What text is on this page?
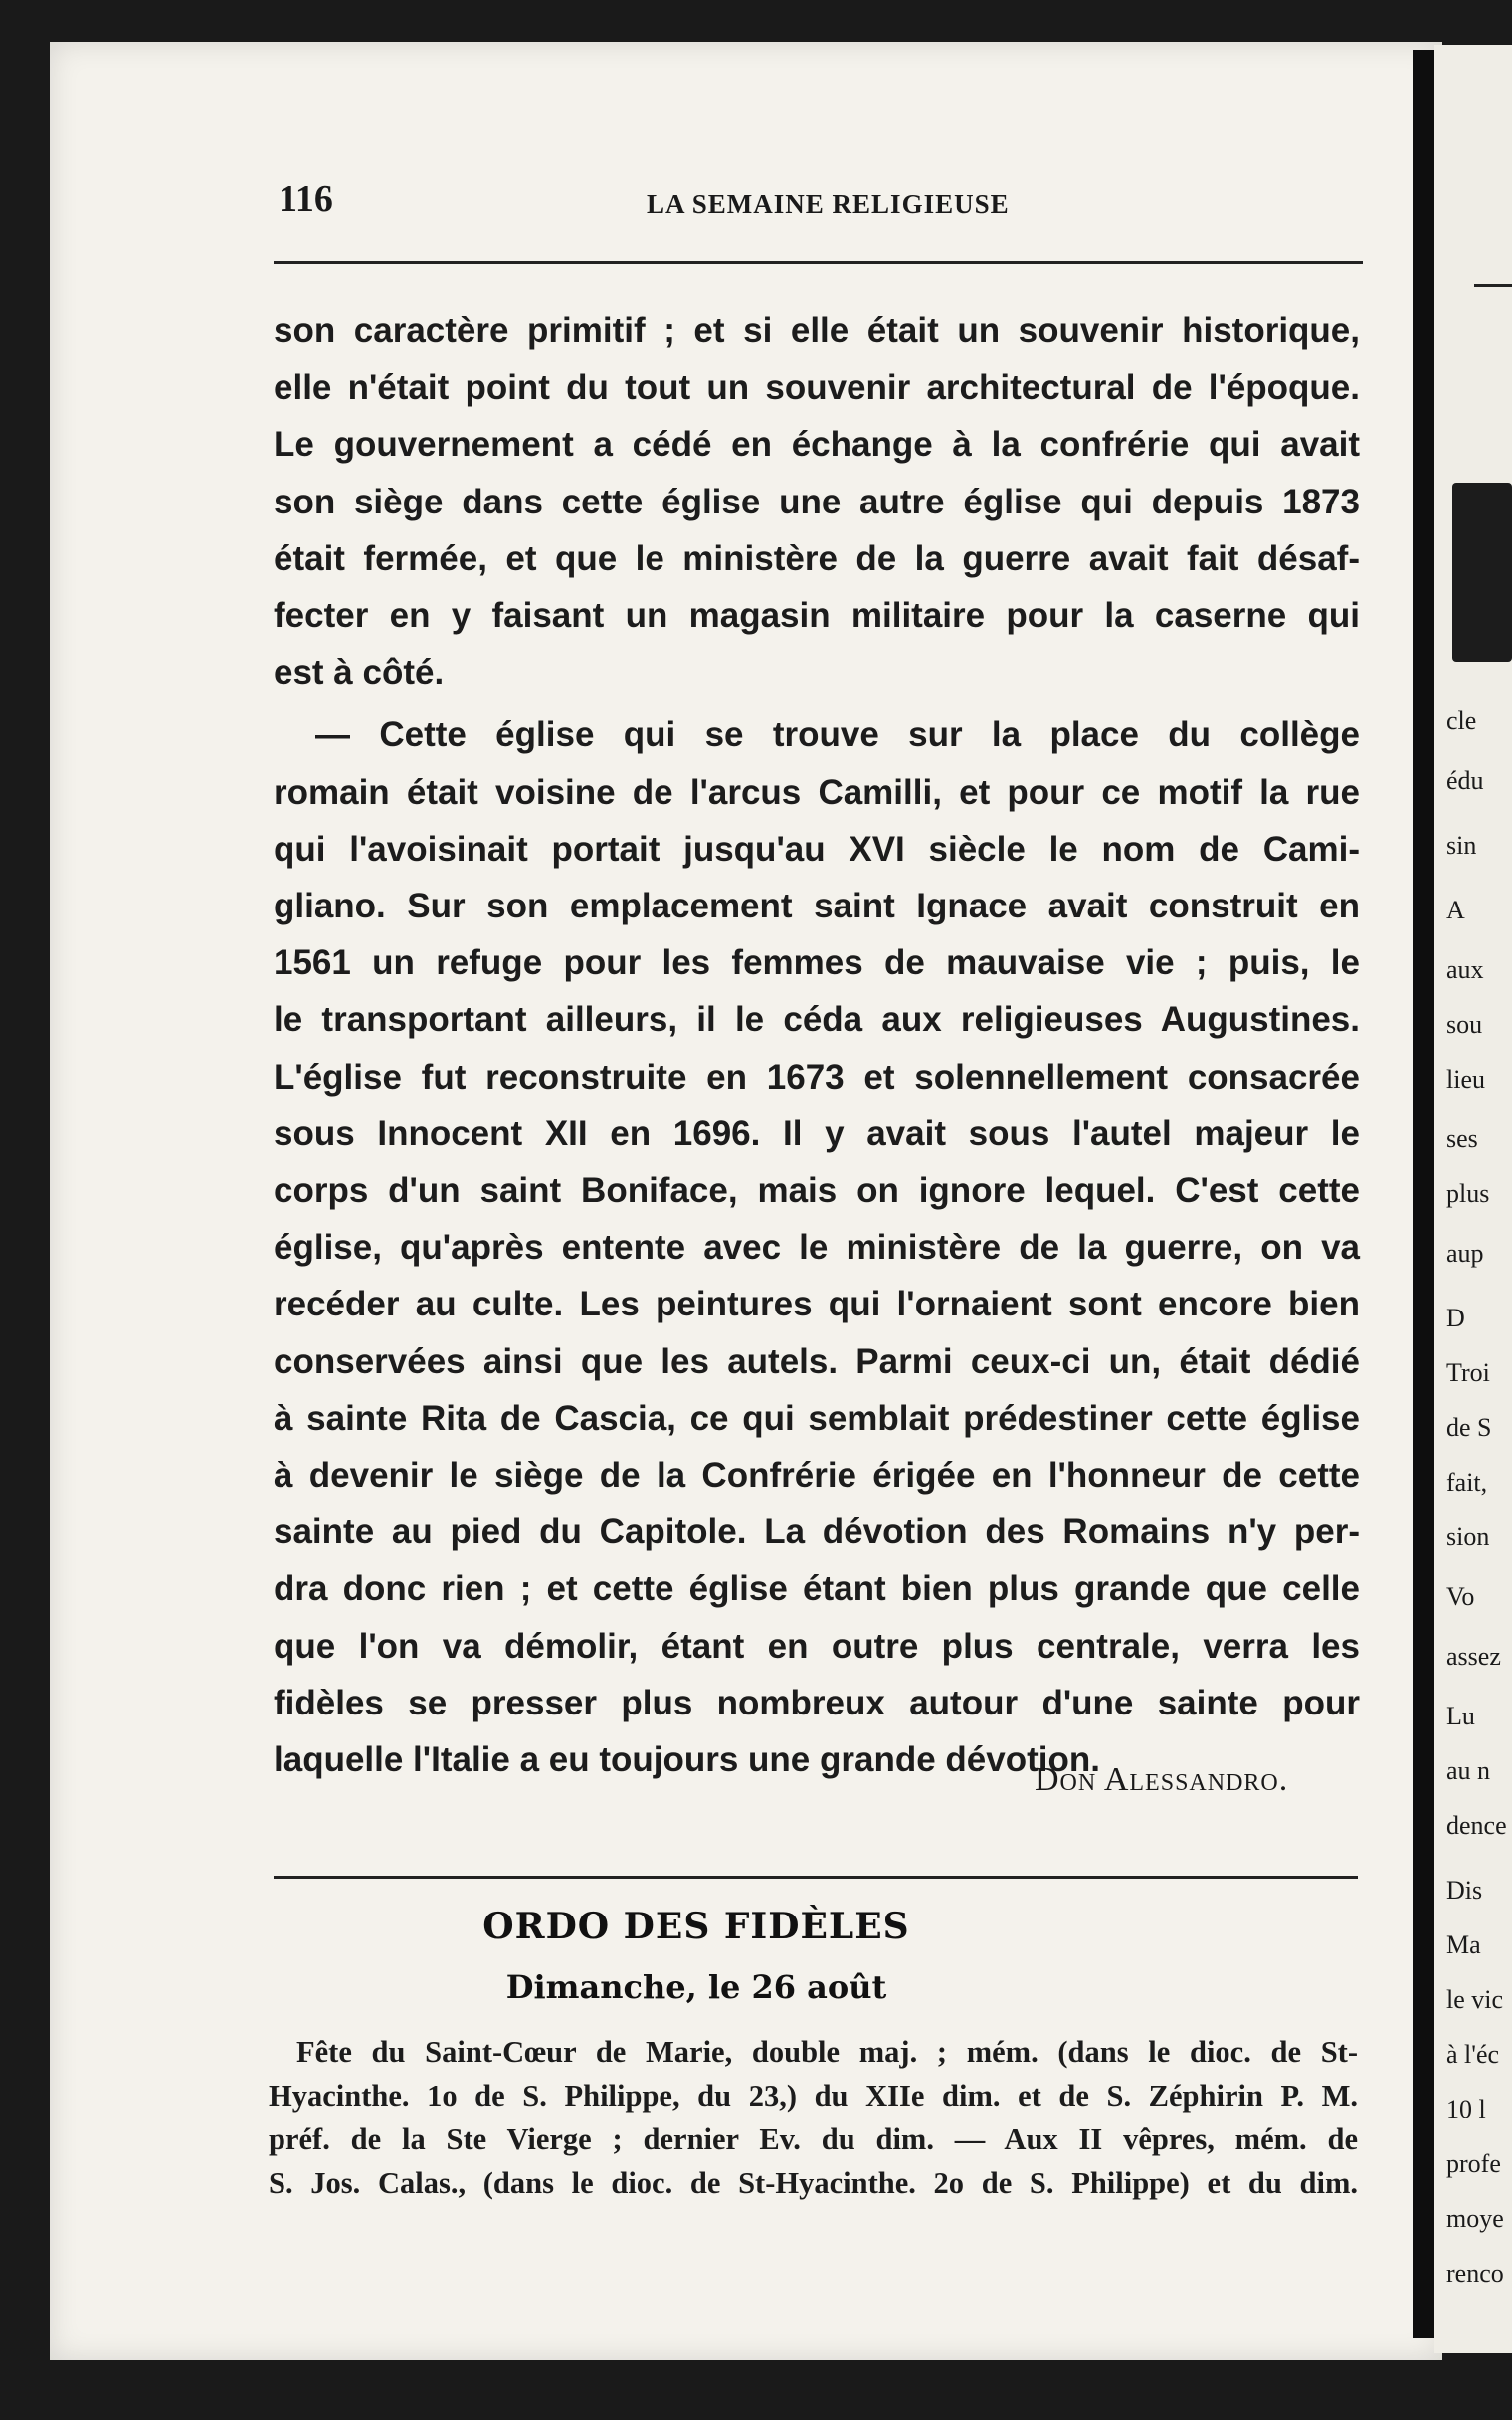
cle
édu
sin
A
aux
sou
lieu
ses
plus
aup
D
Troi
de S
fait,
sion
Vo
assez
Lu
au n
dence
Dis
Ma
le vic
à l'éc
10 l
profe
moye
renco
116	LA SEMAINE RELIGIEUSE

son caractère primitif ; et si elle était un souvenir historique,
elle n'était point du tout un souvenir architectural de l'époque.
Le gouvernement a cédé en échange à la confrérie qui avait
son siège dans cette église une autre église qui depuis 1873
était fermée, et que le ministère de la guerre avait fait désaf-
fecter en y faisant un magasin militaire pour la caserne qui
est à côté.

— Cette église qui se trouve sur la place du collège
romain était voisine de l'arcus Camilli, et pour ce motif la rue
qui l'avoisinait portait jusqu'au XVI siècle le nom de Cami-
gliano. Sur son emplacement saint Ignace avait construit en
1561 un refuge pour les femmes de mauvaise vie ; puis, le
le transportant ailleurs, il le céda aux religieuses Augustines.
L'église fut reconstruite en 1673 et solennellement consacrée
sous Innocent XII en 1696. Il y avait sous l'autel majeur le
corps d'un saint Boniface, mais on ignore lequel. C'est cette
église, qu'après entente avec le ministère de la guerre, on va
recéder au culte. Les peintures qui l'ornaient sont encore bien
conservées ainsi que les autels. Parmi ceux-ci un, était dédié
à sainte Rita de Cascia, ce qui semblait prédestiner cette église
à devenir le siège de la Confrérie érigée en l'honneur de cette
sainte au pied du Capitole. La dévotion des Romains n'y per-
dra donc rien ; et cette église étant bien plus grande que celle
que l'on va démolir, étant en outre plus centrale, verra les
fidèles se presser plus nombreux autour d'une sainte pour
laquelle l'Italie a eu toujours une grande dévotion.

Don Alessandro.
ORDO DES FIDÈLES
Dimanche, le 26 août
Fête du Saint-Cœur de Marie, double maj. ; mém. (dans le dioc. de St-
Hyacinthe. 1o de S. Philippe, du 23,) du XIIe dim. et de S. Zéphirin P. M.
préf. de la Ste Vierge ; dernier Ev. du dim. — Aux II vêpres, mém. de
S. Jos. Calas., (dans le dioc. de St-Hyacinthe. 2o de S. Philippe) et du dim.
